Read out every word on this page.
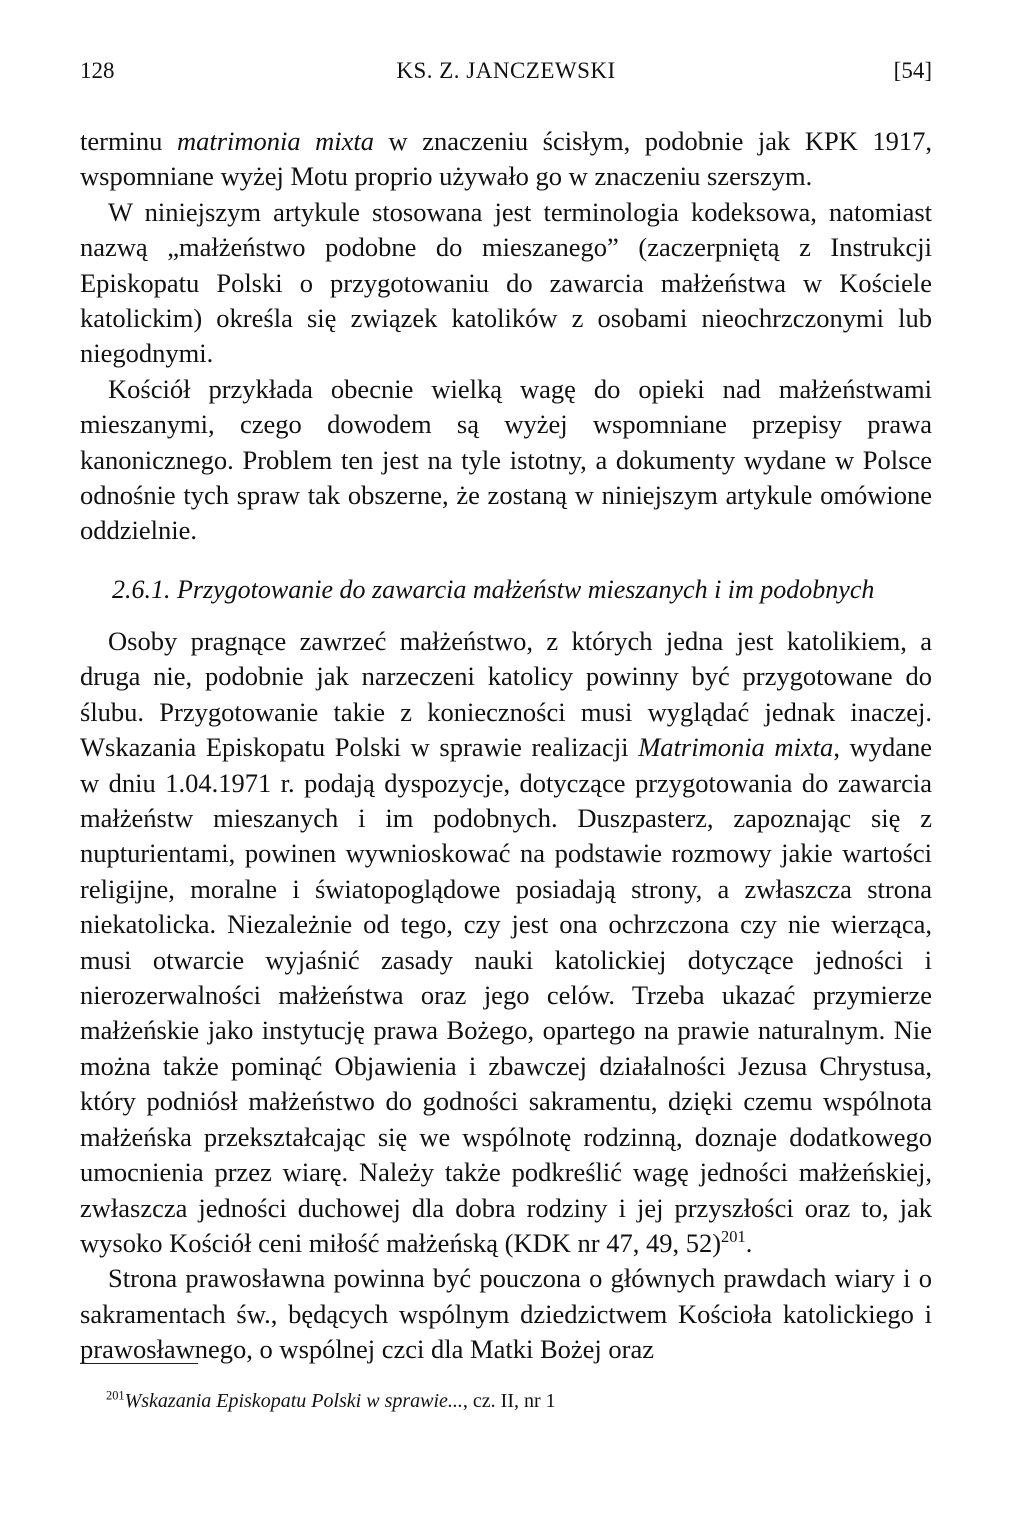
128	KS. Z. JANCZEWSKI	[54]

terminu matrimonia mixta w znaczeniu ścisłym, podobnie jak KPK 1917, wspomniane wyżej Motu proprio używało go w znaczeniu szerszym.

W niniejszym artykule stosowana jest terminologia kodeksowa, natomiast nazwą „małżeństwo podobne do mieszanego” (zaczerpniętą z Instrukcji Episkopatu Polski o przygotowaniu do zawarcia małżeństwa w Kościele katolickim) określa się związek katolików z osobami nieochrzczonymi lub niegodnymi.

Kościół przykłada obecnie wielką wagę do opieki nad małżeństwami mieszanymi, czego dowodem są wyżej wspomniane przepisy prawa kanonicznego. Problem ten jest na tyle istotny, a dokumenty wydane w Polsce odnośnie tych spraw tak obszerne, że zostaną w niniejszym artykule omówione oddzielnie.

2.6.1. Przygotowanie do zawarcia małżeństw mieszanych i im podobnych

Osoby pragnące zawrzeć małżeństwo, z których jedna jest katolikiem, a druga nie, podobnie jak narzeczeni katolicy powinny być przygotowane do ślubu. Przygotowanie takie z konieczności musi wyglądać jednak inaczej. Wskazania Episkopatu Polski w sprawie realizacji Matrimonia mixta, wydane w dniu 1.04.1971 r. podają dyspozycje, dotyczące przygotowania do zawarcia małżeństw mieszanych i im podobnych. Duszpasterz, zapoznając się z nupturientami, powinen wywnioskować na podstawie rozmowy jakie wartości religijne, moralne i światopoglądowe posiadają strony, a zwłaszcza strona niekatolicka. Niezależnie od tego, czy jest ona ochrzczona czy nie wierząca, musi otwarcie wyjaśnić zasady nauki katolickiej dotyczące jedności i nierozerwalności małżeństwa oraz jego celów. Trzeba ukazać przymierze małżeńskie jako instytucję prawa Bożego, opartego na prawie naturalnym. Nie można także pominąć Objawienia i zbawczej działalności Jezusa Chrystusa, który podniósł małżeństwo do godności sakramentu, dzięki czemu wspólnota małżeńska przekształcając się we wspólnotę rodzinną, doznaje dodatkowego umocnienia przez wiarę. Należy także podkreślić wagę jedności małżeńskiej, zwłaszcza jedności duchowej dla dobra rodziny i jej przyszłości oraz to, jak wysoko Kościół ceni miłość małżeńską (KDK nr 47, 49, 52)$^{201}$.

Strona prawosławna powinna być pouczona o głównych prawdach wiary i o sakramentach św., będących wspólnym dziedzictwem Kościoła katolickiego i prawosławnego, o wspólnej czci dla Matki Bożej oraz

$^{201}$Wskazania Episkopatu Polski w sprawie..., cz. II, nr 1
